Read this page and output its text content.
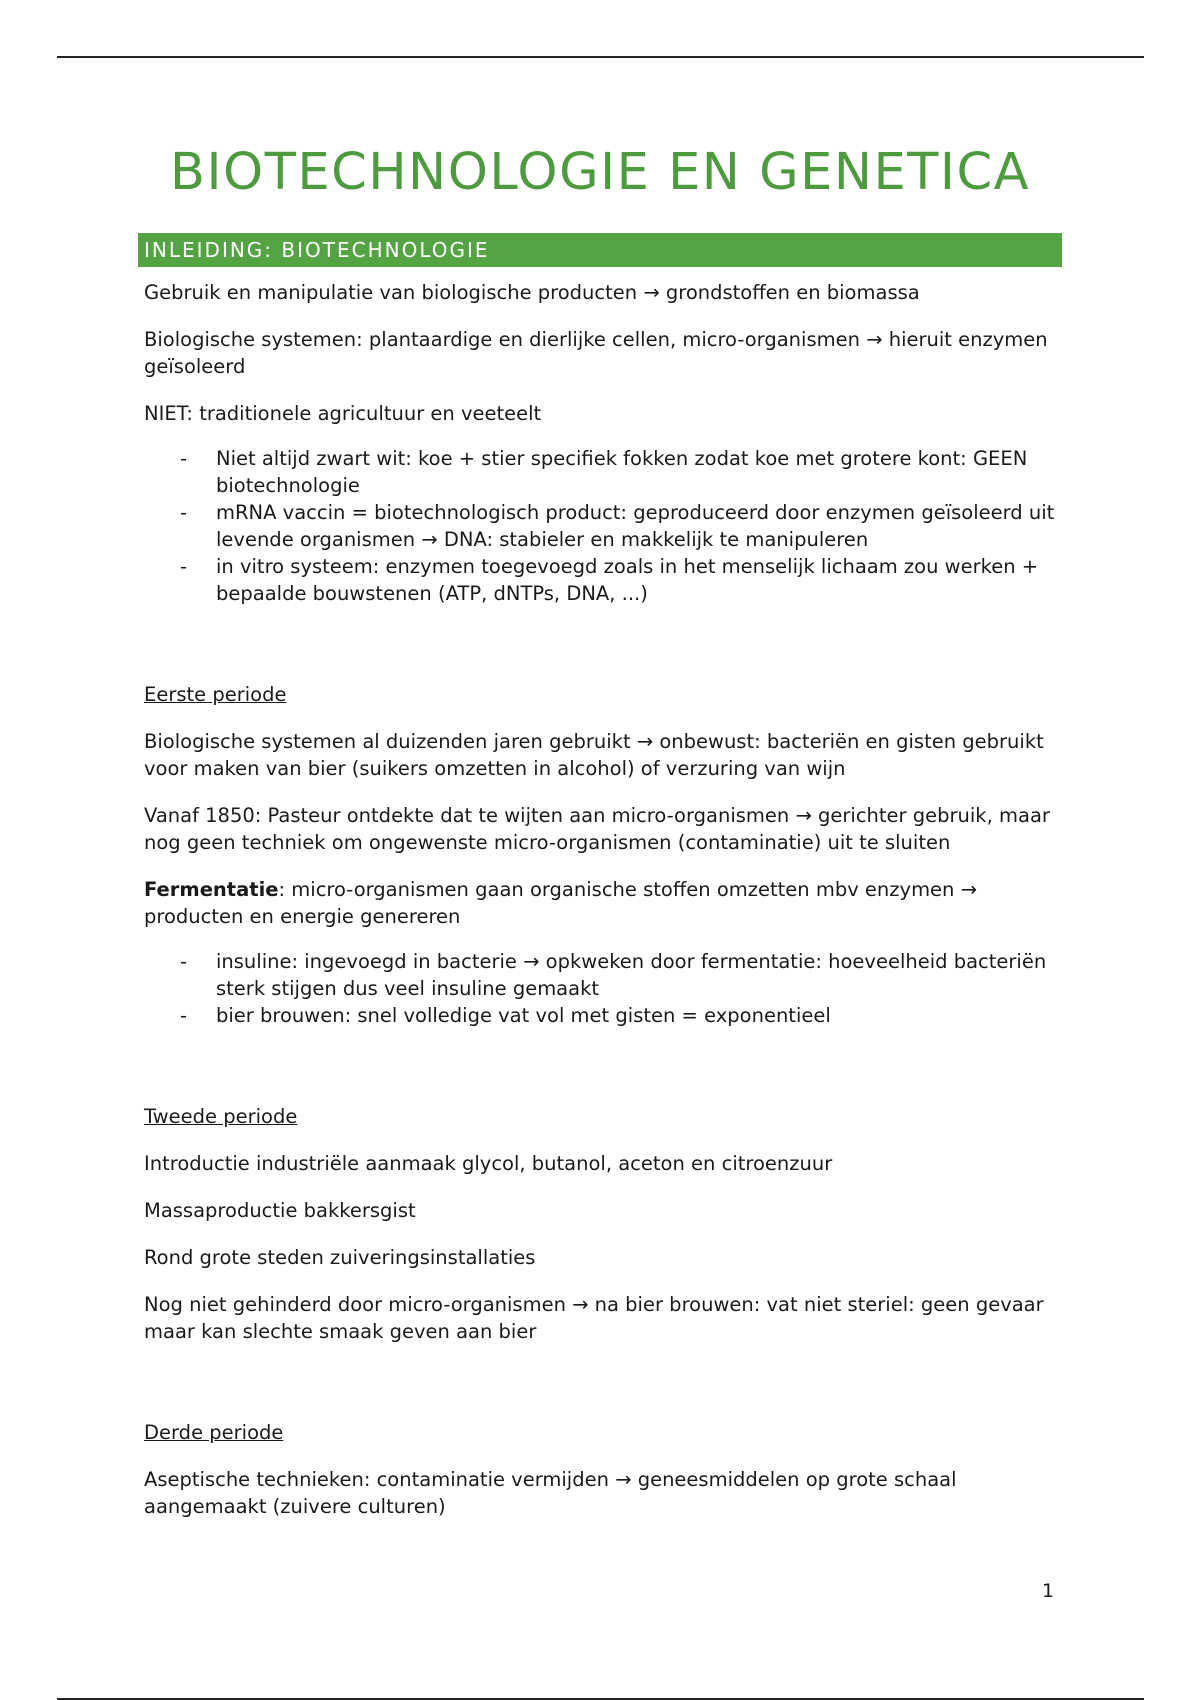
BIOTECHNOLOGIE EN GENETICA
INLEIDING: BIOTECHNOLOGIE

Gebruik en manipulatie van biologische producten → grondstoffen en biomassa

Biologische systemen: plantaardige en dierlijke cellen, micro-organismen → hieruit enzymen geïsoleerd

NIET: traditionele agricultuur en veeteelt

- Niet altijd zwart wit: koe + stier specifiek fokken zodat koe met grotere kont: GEEN biotechnologie
- mRNA vaccin = biotechnologisch product: geproduceerd door enzymen geïsoleerd uit levende organismen → DNA: stabieler en makkelijk te manipuleren
- in vitro systeem: enzymen toegevoegd zoals in het menselijk lichaam zou werken + bepaalde bouwstenen (ATP, dNTPs, DNA, ...)

Eerste periode

Biologische systemen al duizenden jaren gebruikt → onbewust: bacteriën en gisten gebruikt voor maken van bier (suikers omzetten in alcohol) of verzuring van wijn

Vanaf 1850: Pasteur ontdekte dat te wijten aan micro-organismen → gerichter gebruik, maar nog geen techniek om ongewenste micro-organismen (contaminatie) uit te sluiten

Fermentatie: micro-organismen gaan organische stoffen omzetten mbv enzymen → producten en energie genereren

- insuline: ingevoegd in bacterie → opkweken door fermentatie: hoeveelheid bacteriën sterk stijgen dus veel insuline gemaakt
- bier brouwen: snel volledige vat vol met gisten = exponentieel

Tweede periode

Introductie industriële aanmaak glycol, butanol, aceton en citroenzuur

Massaproductie bakkersgist

Rond grote steden zuiveringsinstallaties

Nog niet gehinderd door micro-organismen → na bier brouwen: vat niet steriel: geen gevaar maar kan slechte smaak geven aan bier

Derde periode

Aseptische technieken: contaminatie vermijden → geneesmiddelen op grote schaal aangemaakt (zuivere culturen)

1
